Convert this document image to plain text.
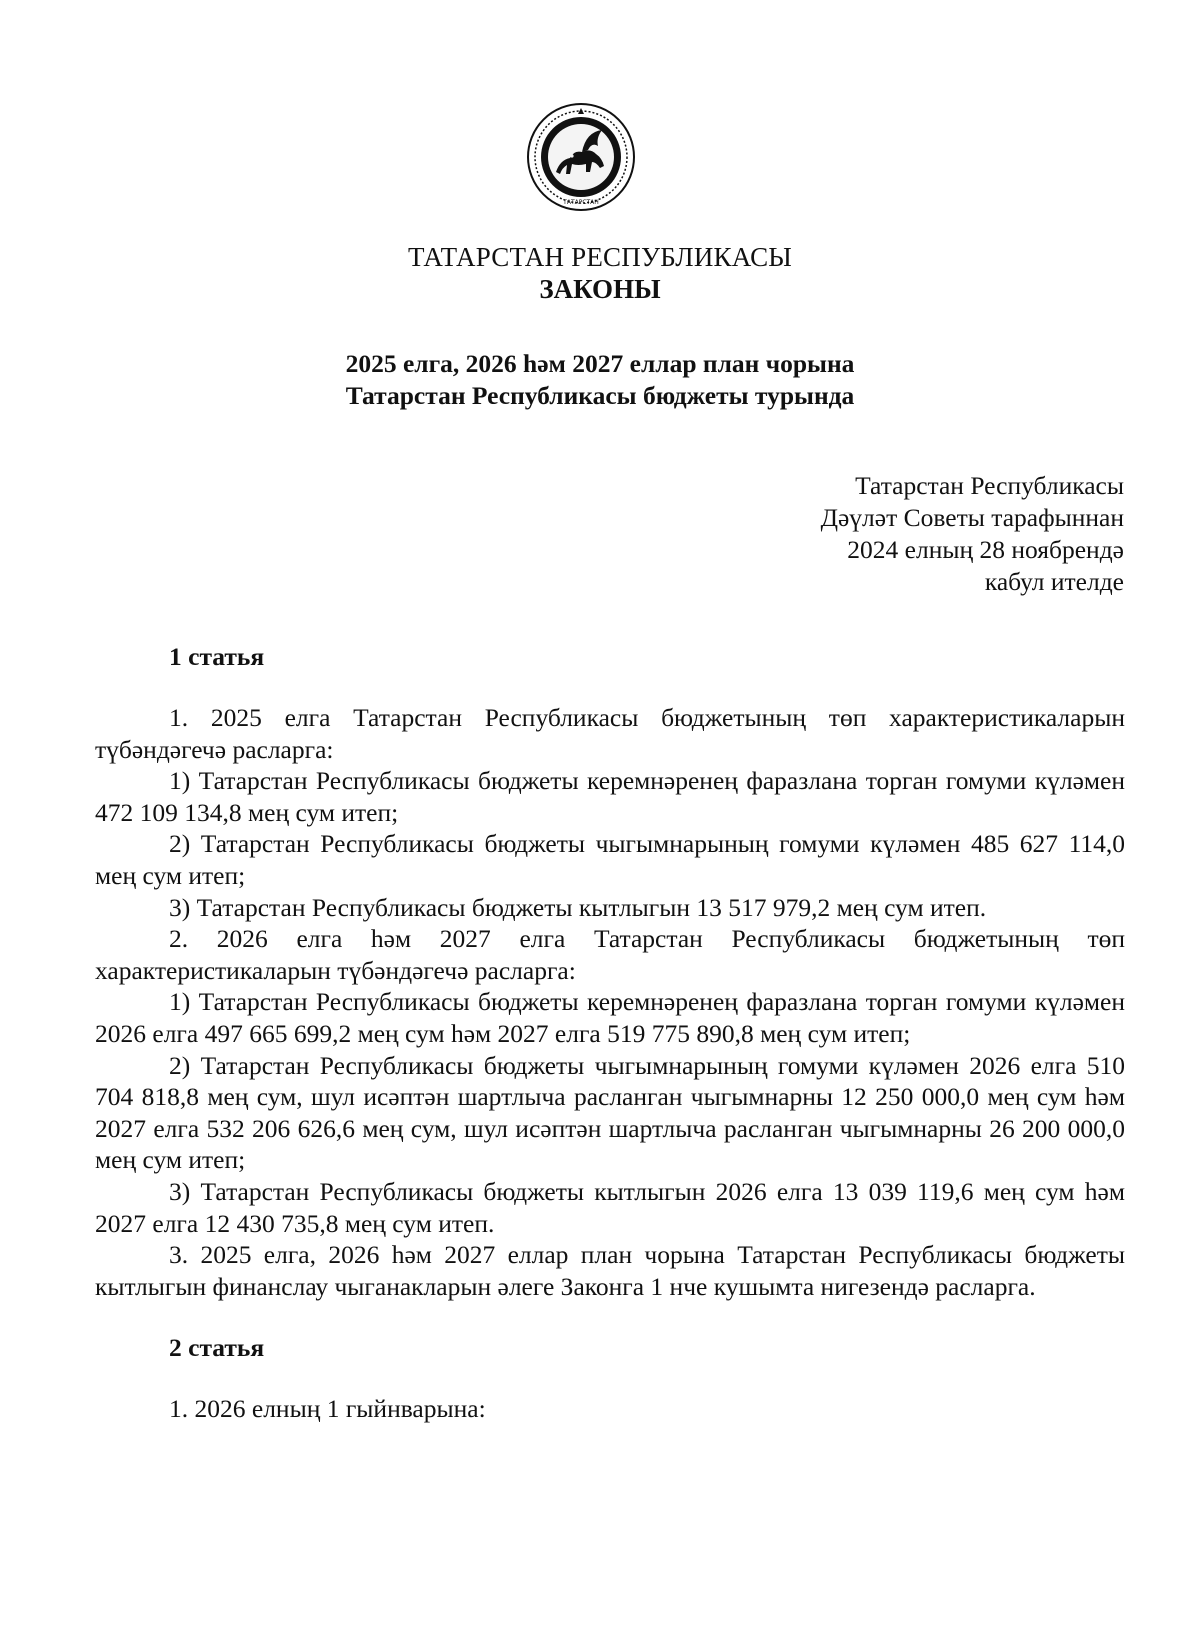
ТАТАРСТАН
ТАТАРСТАН РЕСПУБЛИКАСЫ
ЗАКОНЫ
2025 елга, 2026 һәм 2027 еллар план чорына
Татарстан Республикасы бюджеты турында
Татарстан Республикасы
Дәүләт Советы тарафыннан
2024 елның 28 ноябрендә
кабул ителде
1 статья

1. 2025 елга Татарстан Республикасы бюджетының төп характеристикаларын түбәндәгечә расларга:

1) Татарстан Республикасы бюджеты керемнәренең фаразлана торган гомуми күләмен 472 109 134,8 мең сум итеп;

2) Татарстан Республикасы бюджеты чыгымнарының гомуми күләмен 485 627 114,0 мең сум итеп;

3) Татарстан Республикасы бюджеты кытлыгын 13 517 979,2 мең сум итеп.

2. 2026 елга һәм 2027 елга Татарстан Республикасы бюджетының төп характеристикаларын түбәндәгечә расларга:

1) Татарстан Республикасы бюджеты керемнәренең фаразлана торган гомуми күләмен 2026 елга 497 665 699,2 мең сум һәм 2027 елга 519 775 890,8 мең сум итеп;

2) Татарстан Республикасы бюджеты чыгымнарының гомуми күләмен 2026 елга 510 704 818,8 мең сум, шул исәптән шартлыча расланган чыгымнарны 12 250 000,0 мең сум һәм 2027 елга 532 206 626,6 мең сум, шул исәптән шартлыча расланган чыгымнарны 26 200 000,0 мең сум итеп;

3) Татарстан Республикасы бюджеты кытлыгын 2026 елга 13 039 119,6 мең сум һәм 2027 елга 12 430 735,8 мең сум итеп.

3. 2025 елга, 2026 һәм 2027 еллар план чорына Татарстан Республикасы бюджеты кытлыгын финанслау чыганакларын әлеге Законга 1 нче кушымта нигезендә расларга.

2 статья

1. 2026 елның 1 гыйнварына:
